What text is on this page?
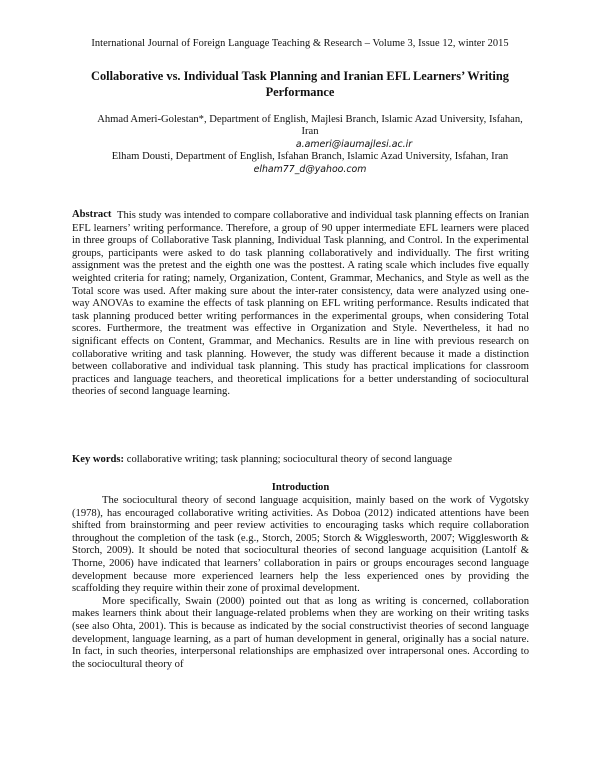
International Journal of Foreign Language Teaching & Research – Volume 3, Issue 12, winter 2015
Collaborative vs. Individual Task Planning and Iranian EFL Learners’ Writing Performance
Ahmad Ameri-Golestan*, Department of English, Majlesi Branch, Islamic Azad University, Isfahan, Iran
a.ameri@iaumajlesi.ac.ir
Elham Dousti, Department of English, Isfahan Branch, Islamic Azad University, Isfahan, Iran
elham77_d@yahoo.com
Abstract This study was intended to compare collaborative and individual task planning effects on Iranian EFL learners’ writing performance. Therefore, a group of 90 upper intermediate EFL learners were placed in three groups of Collaborative Task planning, Individual Task planning, and Control. In the experimental groups, participants were asked to do task planning collaboratively and individually. The first writing assignment was the pretest and the eighth one was the posttest. A rating scale which includes five equally weighted criteria for rating; namely, Organization, Content, Grammar, Mechanics, and Style as well as the Total score was used. After making sure about the inter-rater consistency, data were analyzed using one-way ANOVAs to examine the effects of task planning on EFL writing performance. Results indicated that task planning produced better writing performances in the experimental groups, when considering Total scores. Furthermore, the treatment was effective in Organization and Style. Nevertheless, it had no significant effects on Content, Grammar, and Mechanics. Results are in line with previous research on collaborative writing and task planning. However, the study was different because it made a distinction between collaborative and individual task planning. This study has practical implications for classroom practices and language teachers, and theoretical implications for a better understanding of sociocultural theories of second language learning.
Key words: collaborative writing; task planning; sociocultural theory of second language
Introduction

The sociocultural theory of second language acquisition, mainly based on the work of Vygotsky (1978), has encouraged collaborative writing activities. As Doboa (2012) indicated attentions have been shifted from brainstorming and peer review activities to encouraging tasks which require collaboration throughout the completion of the task (e.g., Storch, 2005; Storch & Wigglesworth, 2007; Wigglesworth & Storch, 2009). It should be noted that sociocultural theories of second language acquisition (Lantolf & Thorne, 2006) have indicated that learners’ collaboration in pairs or groups encourages second language development because more experienced learners help the less experienced ones by providing the scaffolding they require within their zone of proximal development.

More specifically, Swain (2000) pointed out that as long as writing is concerned, collaboration makes learners think about their language-related problems when they are working on their writing tasks (see also Ohta, 2001). This is because as indicated by the social constructivist theories of second language development, language learning, as a part of human development in general, originally has a social nature. In fact, in such theories, interpersonal relationships are emphasized over intrapersonal ones. According to the sociocultural theory of
